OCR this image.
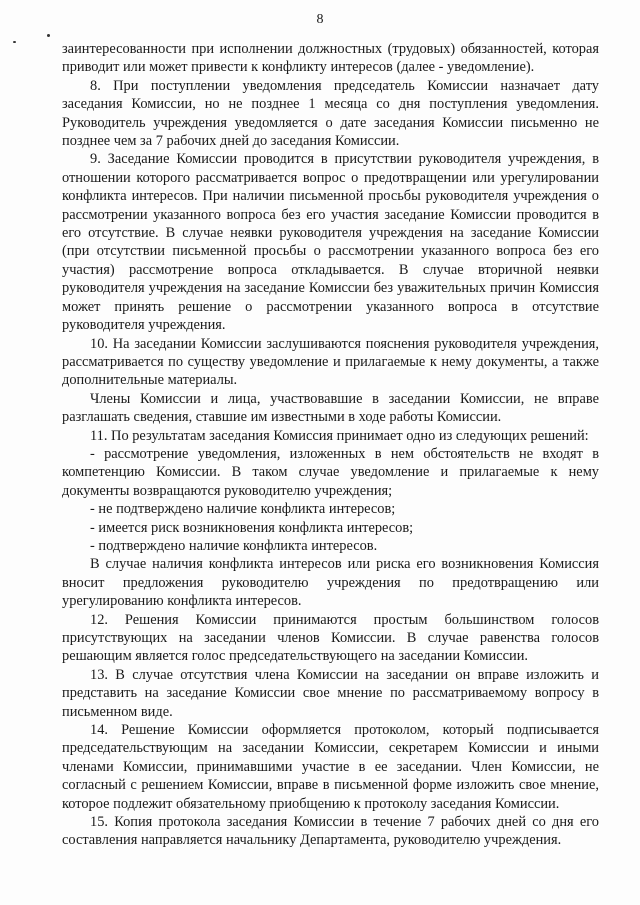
8

заинтересованности при исполнении должностных (трудовых) обязанностей, которая приводит или может привести к конфликту интересов (далее - уведомление).

8. При поступлении уведомления председатель Комиссии назначает дату заседания Комиссии, но не позднее 1 месяца со дня поступления уведомления. Руководитель учреждения уведомляется о дате заседания Комиссии письменно не позднее чем за 7 рабочих дней до заседания Комиссии.

9. Заседание Комиссии проводится в присутствии руководителя учреждения, в отношении которого рассматривается вопрос о предотвращении или урегулировании конфликта интересов. При наличии письменной просьбы руководителя учреждения о рассмотрении указанного вопроса без его участия заседание Комиссии проводится в его отсутствие. В случае неявки руководителя учреждения на заседание Комиссии (при отсутствии письменной просьбы о рассмотрении указанного вопроса без его участия) рассмотрение вопроса откладывается. В случае вторичной неявки руководителя учреждения на заседание Комиссии без уважительных причин Комиссия может принять решение о рассмотрении указанного вопроса в отсутствие руководителя учреждения.

10. На заседании Комиссии заслушиваются пояснения руководителя учреждения, рассматривается по существу уведомление и прилагаемые к нему документы, а также дополнительные материалы.

Члены Комиссии и лица, участвовавшие в заседании Комиссии, не вправе разглашать сведения, ставшие им известными в ходе работы Комиссии.

11. По результатам заседания Комиссия принимает одно из следующих решений:

- рассмотрение уведомления, изложенных в нем обстоятельств не входят в компетенцию Комиссии. В таком случае уведомление и прилагаемые к нему документы возвращаются руководителю учреждения;

- не подтверждено наличие конфликта интересов;

- имеется риск возникновения конфликта интересов;

- подтверждено наличие конфликта интересов.

В случае наличия конфликта интересов или риска его возникновения Комиссия вносит предложения руководителю учреждения по предотвращению или урегулированию конфликта интересов.

12. Решения Комиссии принимаются простым большинством голосов присутствующих на заседании членов Комиссии. В случае равенства голосов решающим является голос председательствующего на заседании Комиссии.

13. В случае отсутствия члена Комиссии на заседании он вправе изложить и представить на заседание Комиссии свое мнение по рассматриваемому вопросу в письменном виде.

14. Решение Комиссии оформляется протоколом, который подписывается председательствующим на заседании Комиссии, секретарем Комиссии и иными членами Комиссии, принимавшими участие в ее заседании. Член Комиссии, не согласный с решением Комиссии, вправе в письменной форме изложить свое мнение, которое подлежит обязательному приобщению к протоколу заседания Комиссии.

15. Копия протокола заседания Комиссии в течение 7 рабочих дней со дня его составления направляется начальнику Департамента, руководителю учреждения.
